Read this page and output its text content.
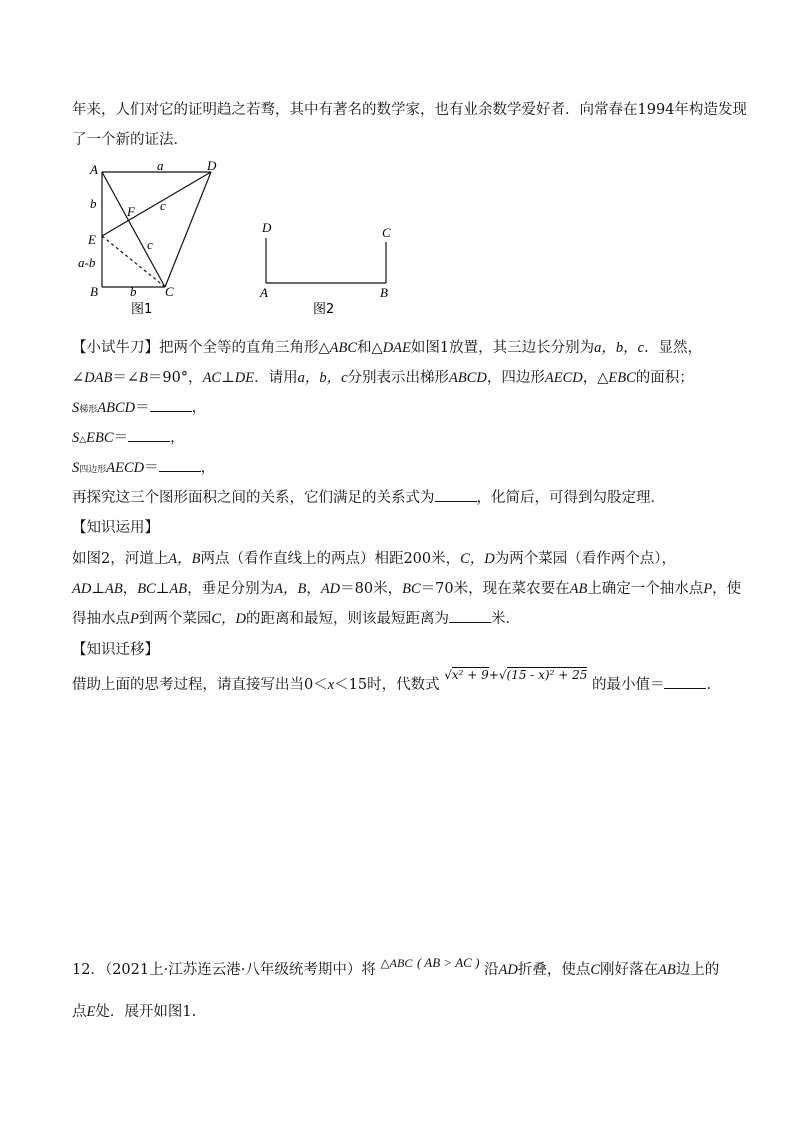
年来，人们对它的证明趋之若骛，其中有著名的数学家，也有业余数学爱好者．向常春在1994年构造发现
了一个新的证法．
A	D
F
E
B	C
a
b
a-b
b
c
c
图1
D	C
A	B
图2
【小试牛刀】把两个全等的直角三角形△ABC和△DAE如图1放置，其三边长分别为a，b，c．显然，
∠DAB＝∠B＝90°，AC⊥DE．请用a，b，c分别表示出梯形ABCD，四边形AECD，△EBC的面积；
S梯形ABCD＝	，
S△EBC＝	，
S四边形AECD＝	，
再探究这三个图形面积之间的关系，它们满足的关系式为	，化简后，可得到勾股定理．
【知识运用】
如图2，河道上A，B两点（看作直线上的两点）相距200米，C，D为两个菜园（看作两个点），
AD⊥AB，BC⊥AB，垂足分别为A，B，AD＝80米，BC＝70米，现在菜农要在AB上确定一个抽水点P，使
得抽水点P到两个菜园C，D的距离和最短，则该最短距离为	米．
【知识迁移】
借助上面的思考过程，请直接写出当0＜x＜15时，代数式 √x² + 9+√(15 - x)² + 25 的最小值＝	．
12．（2021上·江苏连云港·八年级统考期中）将 $^{\triangle ABC}$ ( AB > AC ) 沿AD折叠，使点C刚好落在AB边上的
点E处．展开如图1.
